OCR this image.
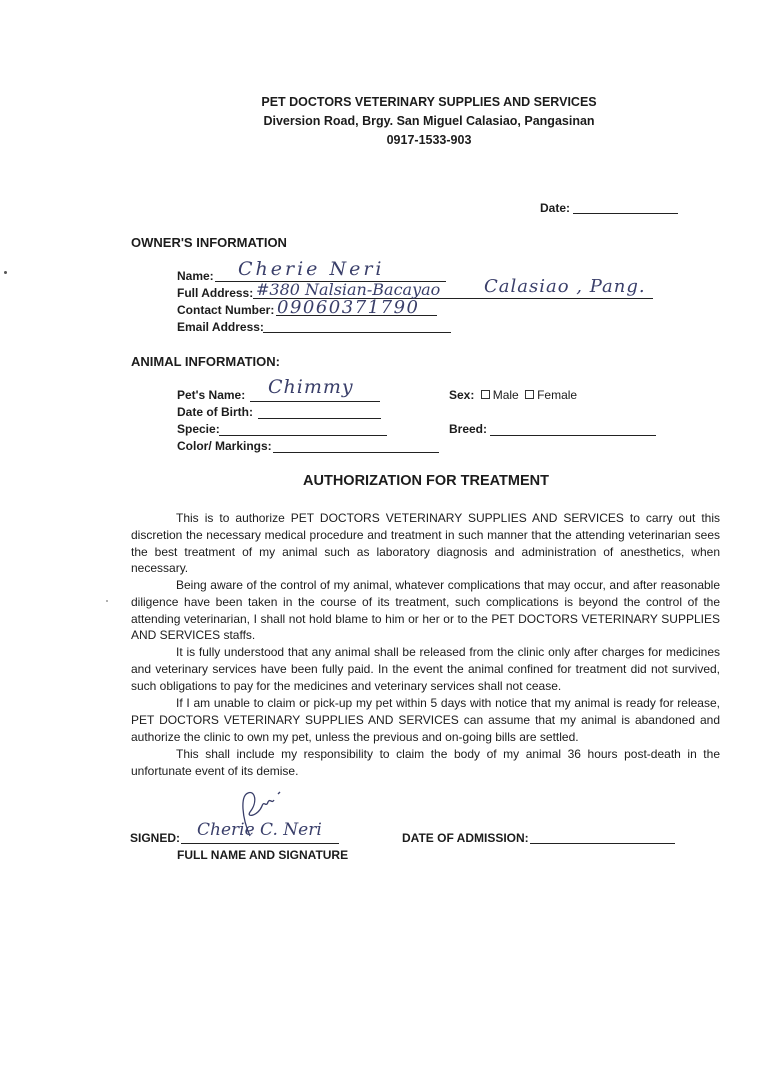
PET DOCTORS VETERINARY SUPPLIES AND SERVICES
Diversion Road, Brgy. San Miguel Calasiao, Pangasinan
0917-1533-903
Date:
OWNER'S INFORMATION
Name: Cherie Neri
Full Address: #380 Nalsian-Bacayao Calasiao , Pang.
Contact Number: 09060371790
Email Address:
ANIMAL INFORMATION:
Pet's Name: Chimmy
Date of Birth:
Specie:
Color/ Markings:
Sex: Male Female
Breed:
AUTHORIZATION FOR TREATMENT

This is to authorize PET DOCTORS VETERINARY SUPPLIES AND SERVICES to carry out this discretion the necessary medical procedure and treatment in such manner that the attending veterinarian sees the best treatment of my animal such as laboratory diagnosis and administration of anesthetics, when necessary.

Being aware of the control of my animal, whatever complications that may occur, and after reasonable diligence have been taken in the course of its treatment, such complications is beyond the control of the attending veterinarian, I shall not hold blame to him or her or to the PET DOCTORS VETERINARY SUPPLIES AND SERVICES staffs.

It is fully understood that any animal shall be released from the clinic only after charges for medicines and veterinary services have been fully paid. In the event the animal confined for treatment did not survived, such obligations to pay for the medicines and veterinary services shall not cease.

If I am unable to claim or pick-up my pet within 5 days with notice that my animal is ready for release, PET DOCTORS VETERINARY SUPPLIES AND SERVICES can assume that my animal is abandoned and authorize the clinic to own my pet, unless the previous and on-going bills are settled.

This shall include my responsibility to claim the body of my animal 36 hours post-death in the unfortunate event of its demise.

SIGNED: Cherie C. Neri
FULL NAME AND SIGNATURE
DATE OF ADMISSION:
